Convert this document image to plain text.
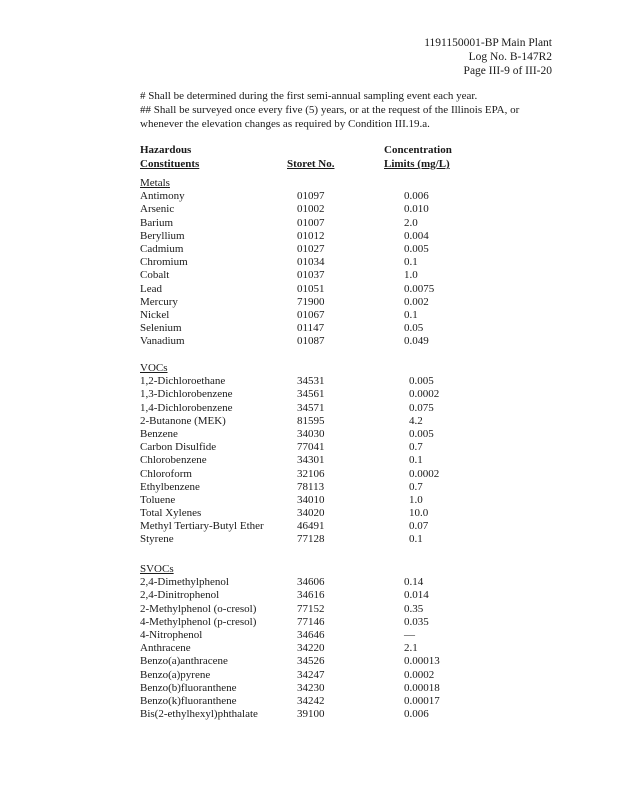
1191150001-BP Main Plant
Log No. B-147R2
Page III-9 of III-20
# Shall be determined during the first semi-annual sampling event each year.
## Shall be surveyed once every five (5) years, or at the request of the Illinois EPA, or whenever the elevation changes as required by Condition III.19.a.
Hazardous
Constituents	Storet No.
Concentration
Limits (mg/L)
Metals
Antimony	01097	0.006
Arsenic	01002	0.010
Barium	01007	2.0
Beryllium	01012	0.004
Cadmium	01027	0.005
Chromium	01034	0.1
Cobalt	01037	1.0
Lead	01051	0.0075
Mercury	71900	0.002
Nickel	01067	0.1
Selenium	01147	0.05
Vanadium	01087	0.049
VOCs
1,2-Dichloroethane	34531	0.005
1,3-Dichlorobenzene	34561	0.0002
1,4-Dichlorobenzene	34571	0.075
2-Butanone (MEK)	81595	4.2
Benzene	34030	0.005
Carbon Disulfide	77041	0.7
Chlorobenzene	34301	0.1
Chloroform	32106	0.0002
Ethylbenzene	78113	0.7
Toluene	34010	1.0
Total Xylenes	34020	10.0
Methyl Tertiary-Butyl Ether	46491	0.07
Styrene	77128	0.1
SVOCs
2,4-Dimethylphenol	34606	0.14
2,4-Dinitrophenol	34616	0.014
2-Methylphenol (o-cresol)	77152	0.35
4-Methylphenol (p-cresol)	77146	0.035
4-Nitrophenol	34646	—
Anthracene	34220	2.1
Benzo(a)anthracene	34526	0.00013
Benzo(a)pyrene	34247	0.0002
Benzo(b)fluoranthene	34230	0.00018
Benzo(k)fluoranthene	34242	0.00017
Bis(2-ethylhexyl)phthalate	39100	0.006
